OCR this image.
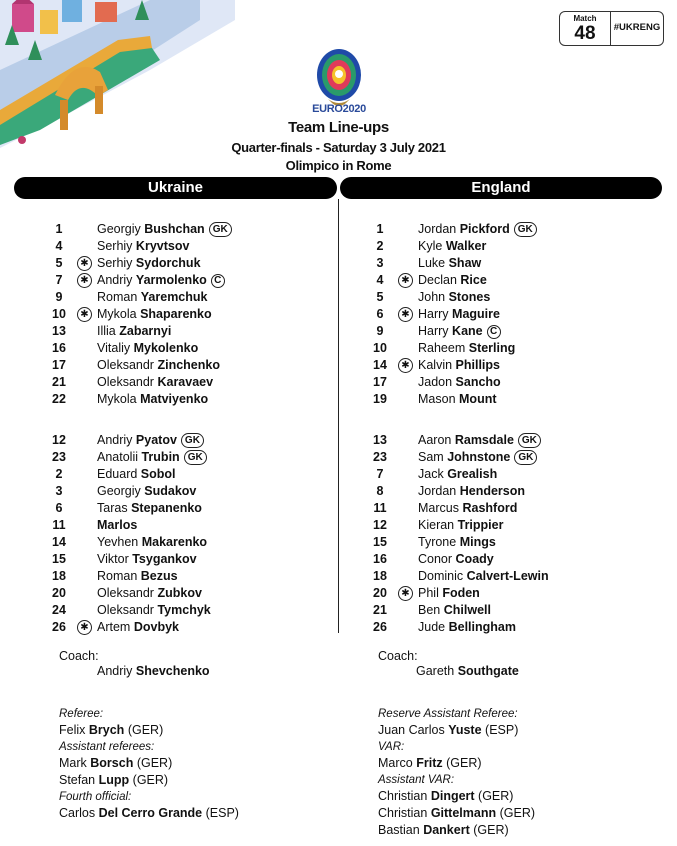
Match
48	#UKRENG
EURO2020
Team Line-ups
Quarter-finals - Saturday 3 July 2021
Olimpico in Rome
Ukraine	England
1	Georgiy Bushchan GK
4	Serhiy Kryvtsov
5	✱ Serhiy Sydorchuk
7	✱ Andriy Yarmolenko C
9	Roman Yaremchuk
10	✱ Mykola Shaparenko
13	Illia Zabarnyi
16	Vitaliy Mykolenko
17	Oleksandr Zinchenko
21	Oleksandr Karavaev
22	Mykola Matviyenko
12	Andriy Pyatov GK
23	Anatolii Trubin GK
2	Eduard Sobol
3	Georgiy Sudakov
6	Taras Stepanenko
11	Marlos
14	Yevhen Makarenko
15	Viktor Tsygankov
18	Roman Bezus
20	Oleksandr Zubkov
24	Oleksandr Tymchyk
26	✱ Artem Dovbyk
1	Jordan Pickford GK
2	Kyle Walker
3	Luke Shaw
4	✱ Declan Rice
5	John Stones
6	✱ Harry Maguire
9	Harry Kane C
10	Raheem Sterling
14	✱ Kalvin Phillips
17	Jadon Sancho
19	Mason Mount
13	Aaron Ramsdale GK
23	Sam Johnstone GK
7	Jack Grealish
8	Jordan Henderson
11	Marcus Rashford
12	Kieran Trippier
15	Tyrone Mings
16	Conor Coady
18	Dominic Calvert-Lewin
20	✱ Phil Foden
21	Ben Chilwell
26	Jude Bellingham
Coach:
Andriy Shevchenko
Coach:
Gareth Southgate
Referee:
Felix Brych (GER)
Assistant referees:
Mark Borsch (GER)
Stefan Lupp (GER)
Fourth official:
Carlos Del Cerro Grande (ESP)
Reserve Assistant Referee:
Juan Carlos Yuste (ESP)
VAR:
Marco Fritz (GER)
Assistant VAR:
Christian Dingert (GER)
Christian Gittelmann (GER)
Bastian Dankert (GER)
